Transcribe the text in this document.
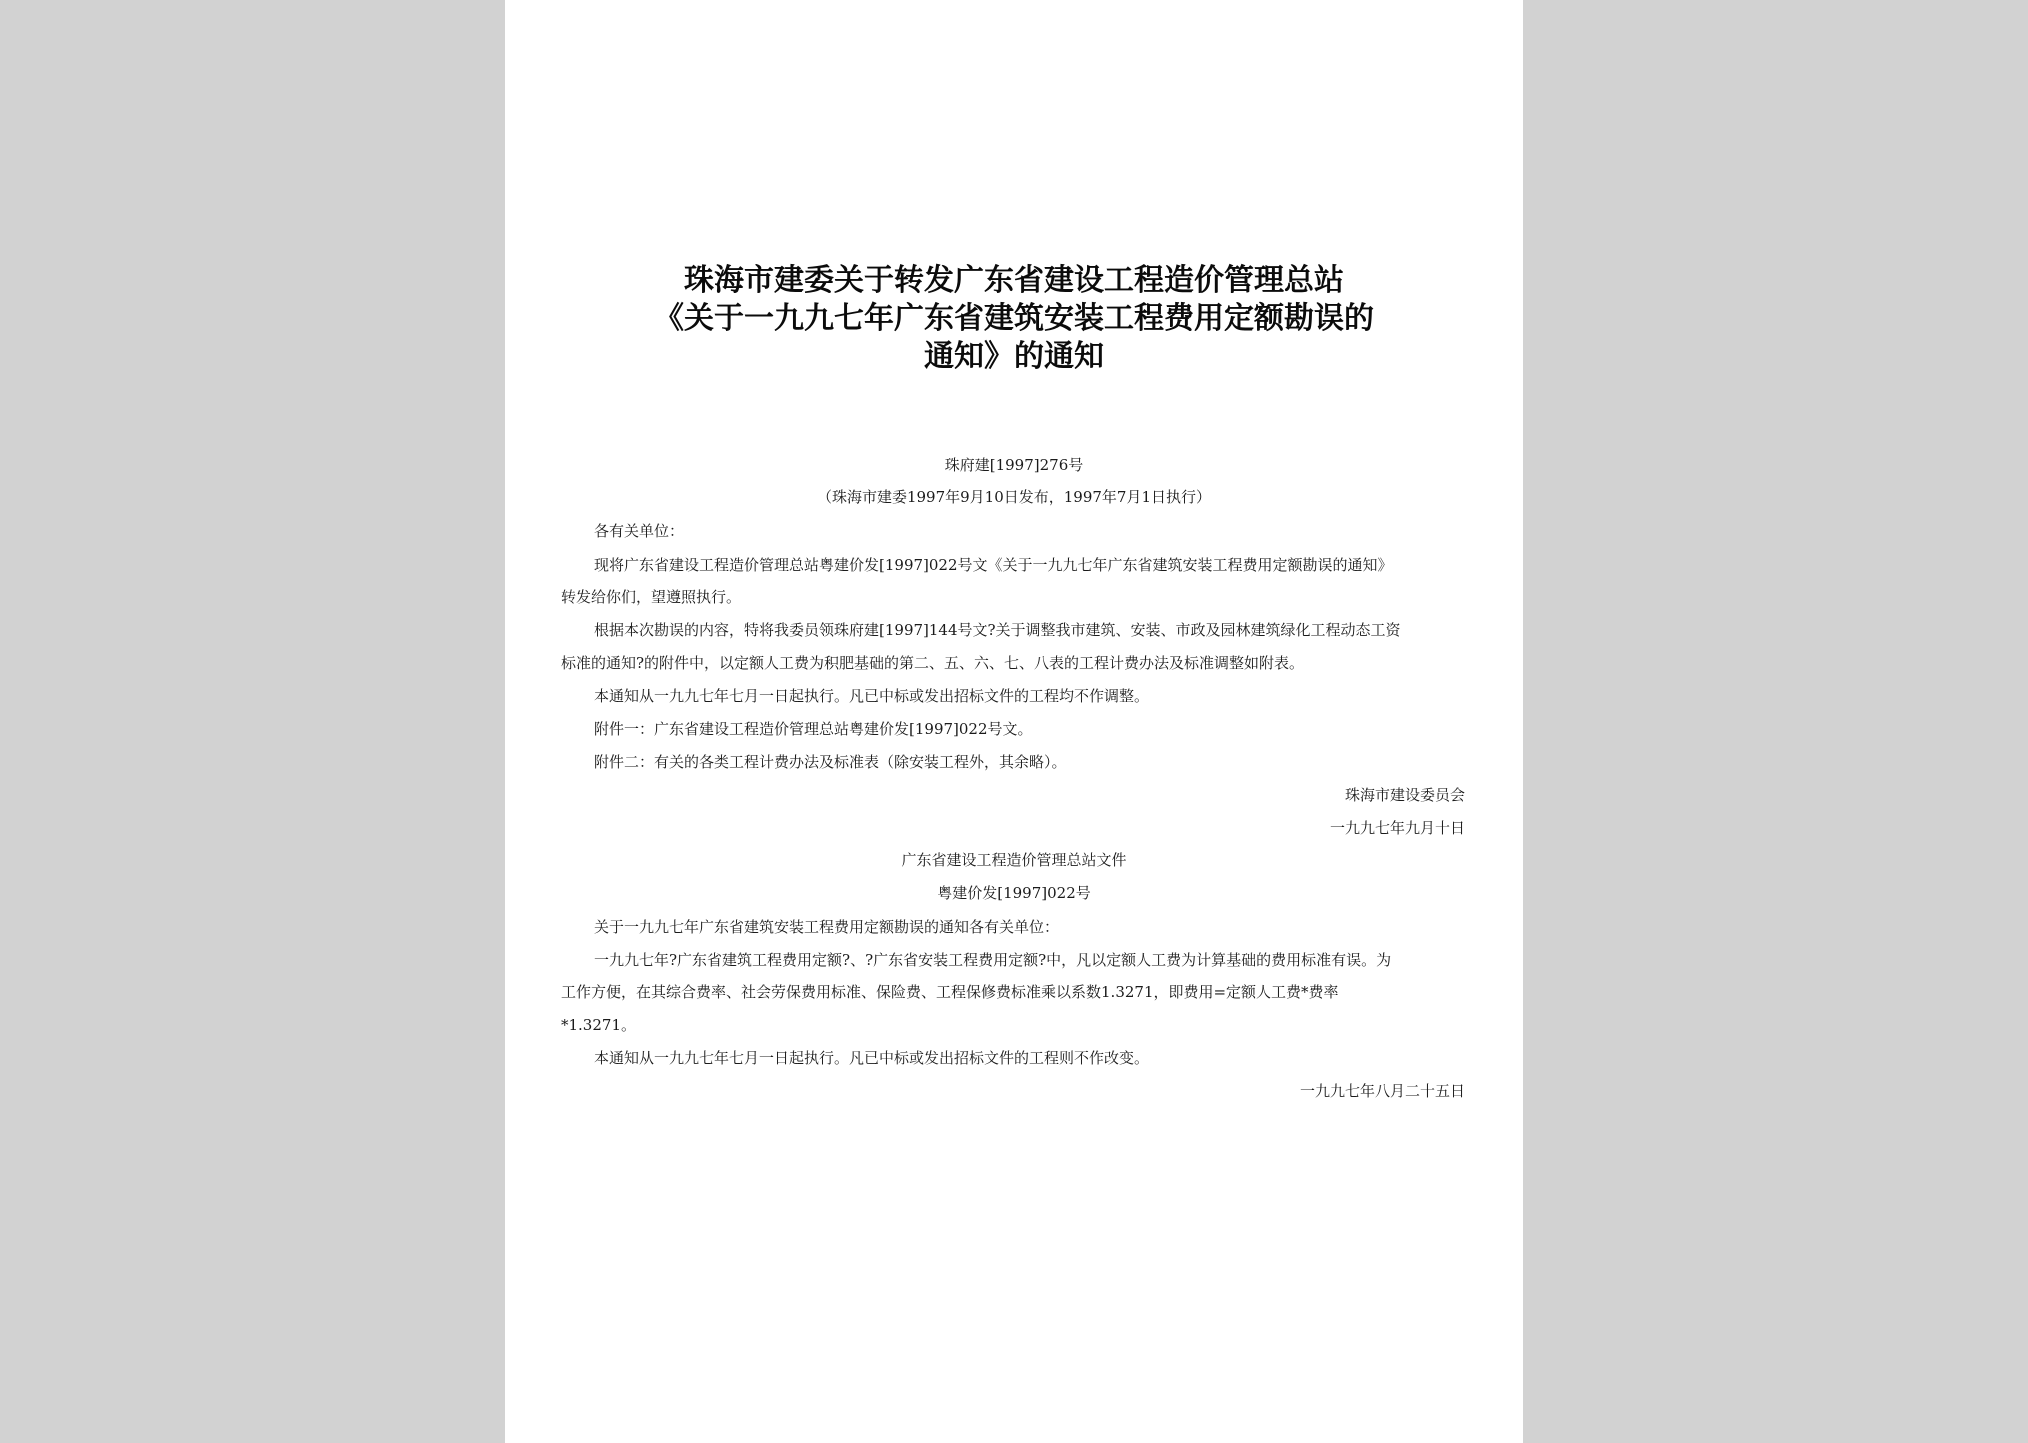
珠海市建委关于转发广东省建设工程造价管理总站
《关于一九九七年广东省建筑安装工程费用定额勘误的
通知》的通知
珠府建[1997]276号
（珠海市建委1997年9月10日发布，1997年7月1日执行）
各有关单位：
现将广东省建设工程造价管理总站粤建价发[1997]022号文《关于一九九七年广东省建筑安装工程费用定额勘误的通知》
转发给你们，望遵照执行。
根据本次勘误的内容，特将我委员领珠府建[1997]144号文?关于调整我市建筑、安装、市政及园林建筑绿化工程动态工资
标准的通知?的附件中，以定额人工费为积肥基础的第二、五、六、七、八表的工程计费办法及标准调整如附表。
本通知从一九九七年七月一日起执行。凡已中标或发出招标文件的工程均不作调整。
附件一：广东省建设工程造价管理总站粤建价发[1997]022号文。
附件二：有关的各类工程计费办法及标准表（除安装工程外，其余略）。
珠海市建设委员会
一九九七年九月十日
广东省建设工程造价管理总站文件
粤建价发[1997]022号
关于一九九七年广东省建筑安装工程费用定额勘误的通知各有关单位：
一九九七年?广东省建筑工程费用定额?、?广东省安装工程费用定额?中，凡以定额人工费为计算基础的费用标准有误。为
工作方便，在其综合费率、社会劳保费用标准、保险费、工程保修费标准乘以系数1.3271，即费用=定额人工费*费率
*1.3271。
本通知从一九九七年七月一日起执行。凡已中标或发出招标文件的工程则不作改变。
一九九七年八月二十五日
